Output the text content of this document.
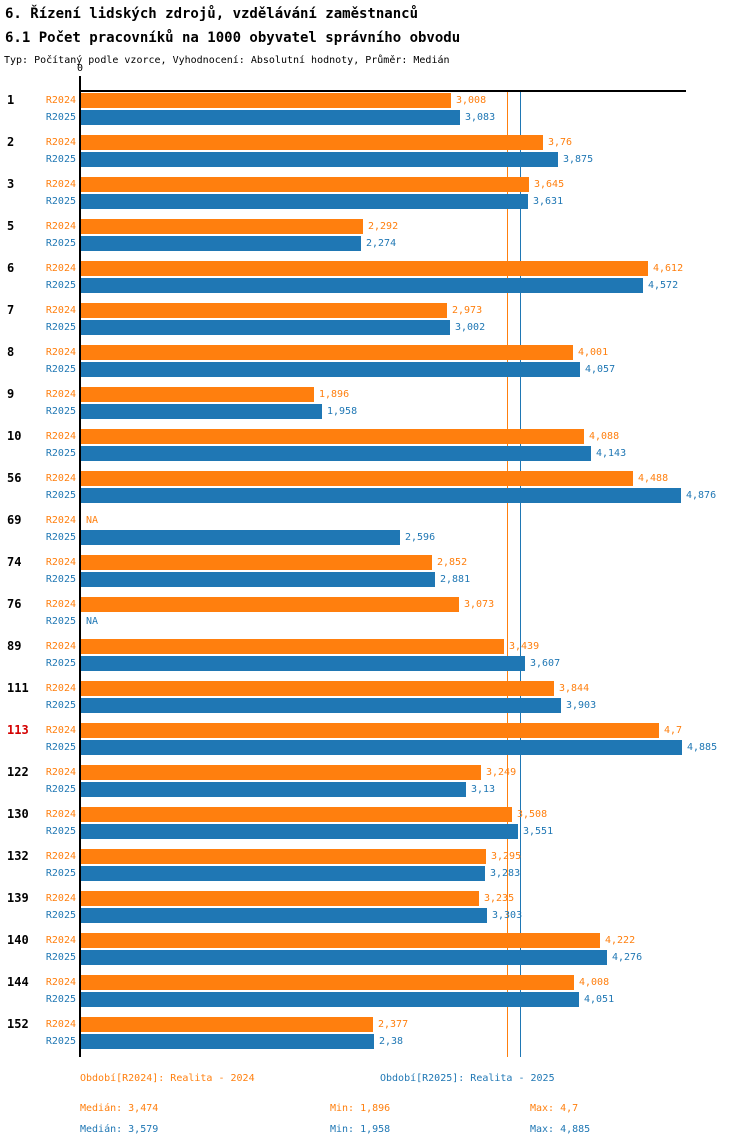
6. Řízení lidských zdrojů, vzdělávání zaměstnanců
6.1 Počet pracovníků na 1000 obyvatel správního obvodu
Typ: Počítaný podle vzorce, Vyhodnocení: Absolutní hodnoty, Průměr: Medián
0
1	R2024	3,008
R2025	3,083
2	R2024	3,76
R2025	3,875
3	R2024	3,645
R2025	3,631
5	R2024	2,292
R2025	2,274
6	R2024	4,612
R2025	4,572
7	R2024	2,973
R2025	3,002
8	R2024	4,001
R2025	4,057
9	R2024	1,896
R2025	1,958
10	R2024	4,088
R2025	4,143
56	R2024	4,488
R2025	4,876
69	R2024 NA
R2025	2,596
74	R2024	2,852
R2025	2,881
76	R2024	3,073
R2025 NA
89	R2024	3,439
R2025	3,607
111	R2024	3,844
R2025	3,903
113	R2024	4,7
R2025	4,885
122	R2024	3,249
R2025	3,13
130	R2024	3,508
R2025	3,551
132	R2024	3,295
R2025	3,283
139	R2024	3,235
R2025	3,303
140	R2024	4,222
R2025	4,276
144	R2024	4,008
R2025	4,051
152	R2024	2,377
R2025	2,38
Období[R2024]: Realita - 2024	Období[R2025]: Realita - 2025
Medián: 3,474
Medián: 3,579
Min: 1,896
Min: 1,958
Max: 4,7
Max: 4,885
